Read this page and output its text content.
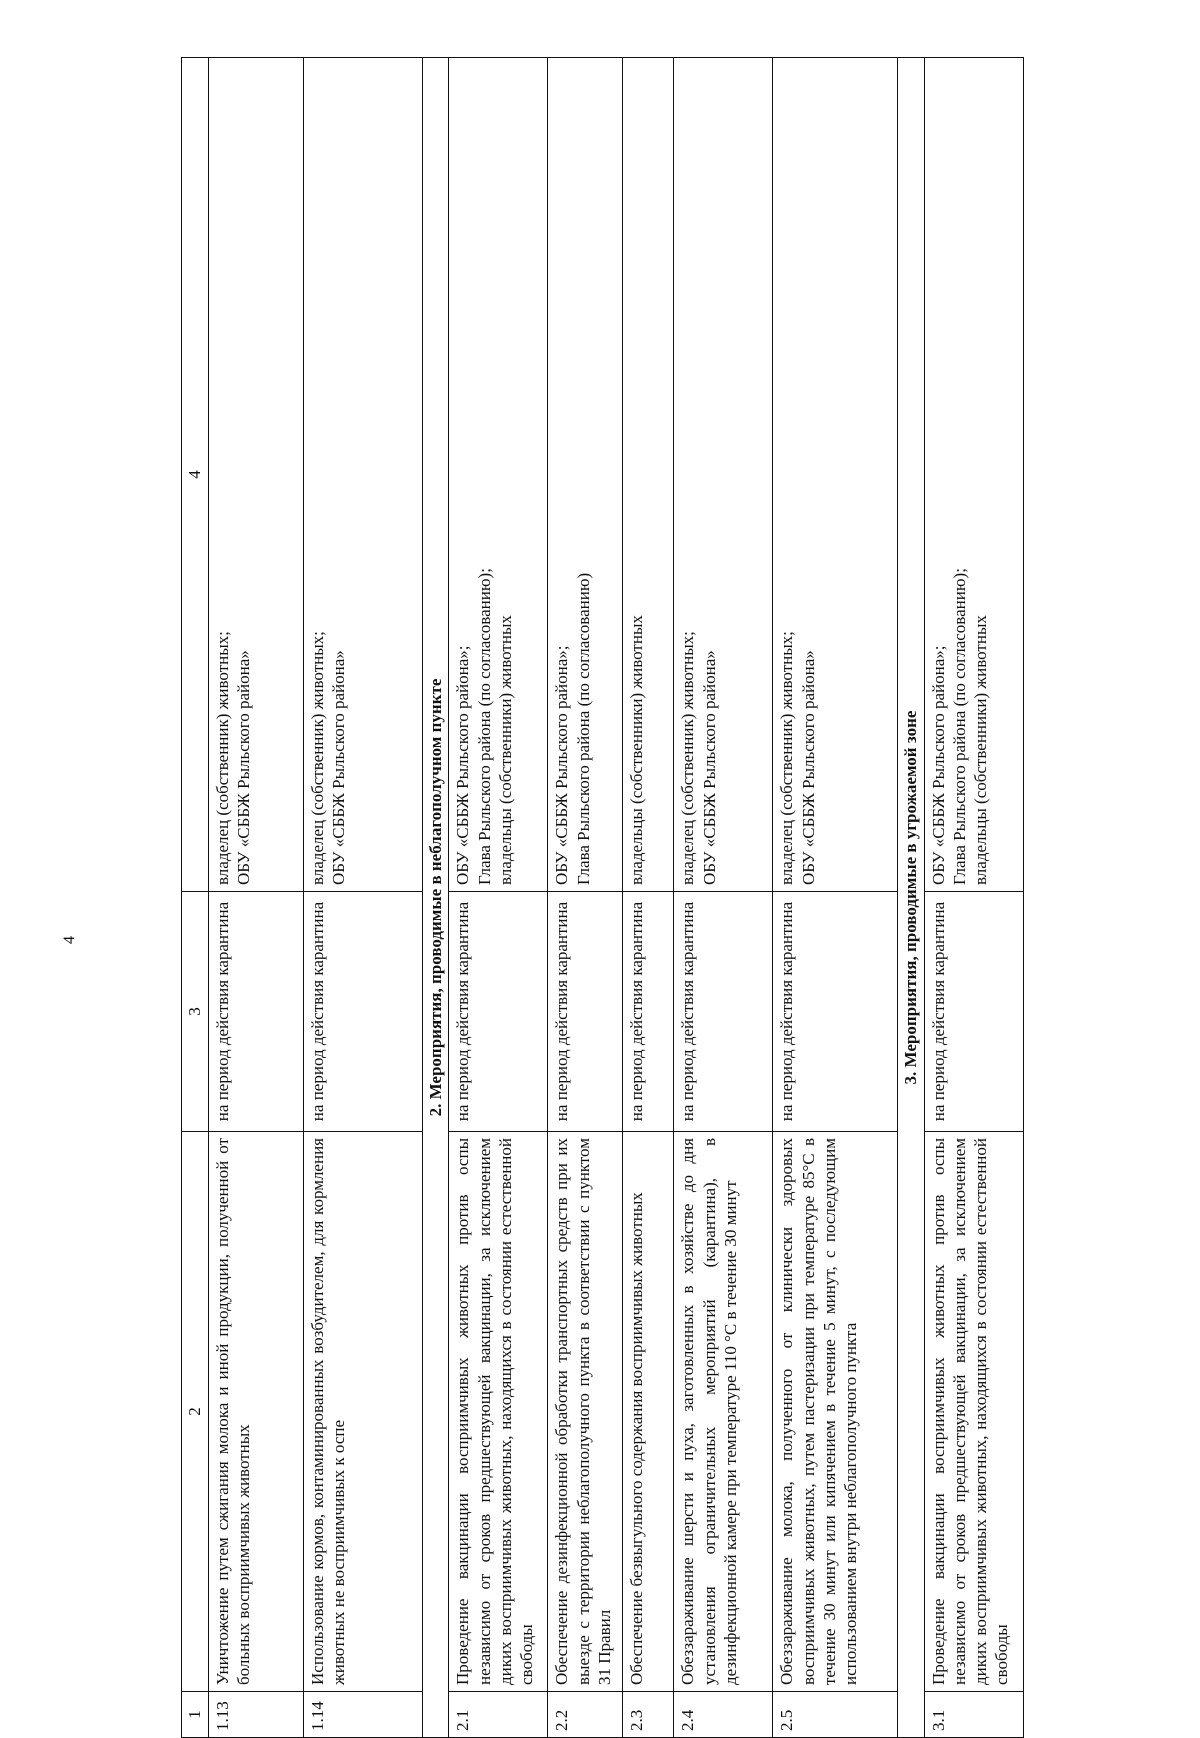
4
1	2	3	4
1.13	Уничтожение путем сжигания молока и иной продукции, полученной от больных восприимчивых животных	на период действия карантина	владелец (собственник) животных;
ОБУ «СББЖ Рыльского района»
1.14	Использование кормов, контаминированных возбудителем, для кормления животных не восприимчивых к оспе	на период действия карантина	владелец (собственник) животных;
ОБУ «СББЖ Рыльского района»
2. Мероприятия, проводимые в неблагополучном пункте			
2.1	Проведение вакцинации восприимчивых животных против оспы независимо от сроков предшествующей вакцинации, за исключением диких восприимчивых животных, находящихся в состоянии естественной свободы	на период действия карантина	ОБУ «СББЖ Рыльского района»;
Глава Рыльского района (по согласованию);
владельцы (собственники) животных
2.2	Обеспечение дезинфекционной обработки транспортных средств при их выезде с территории неблагополучного пункта в соответствии с пунктом 31 Правил	на период действия карантина	ОБУ «СББЖ Рыльского района»;
Глава Рыльского района (по согласованию)
2.3	Обеспечение безвыгульного содержания восприимчивых животных	на период действия карантина	владельцы (собственники) животных
2.4	Обеззараживание шерсти и пуха, заготовленных в хозяйстве до дня установления ограничительных мероприятий (карантина), в дезинфекционной камере при температуре 110 °С в течение 30 минут	на период действия карантина	владелец (собственник) животных;
ОБУ «СББЖ Рыльского района»
2.5	Обеззараживание молока, полученного от клинически здоровых восприимчивых животных, путем пастеризации при температуре 85°С в течение 30 минут или кипячением в течение 5 минут, с последующим использованием внутри неблагополучного пункта	на период действия карантина	владелец (собственник) животных;
ОБУ «СББЖ Рыльского района»
3. Мероприятия, проводимые в угрожаемой зоне			
3.1	Проведение вакцинации восприимчивых животных против оспы независимо от сроков предшествующей вакцинации, за исключением диких восприимчивых животных, находящихся в состоянии естественной свободы	на период действия карантина	ОБУ «СББЖ Рыльского района»;
Глава Рыльского района (по согласованию);
владельцы (собственники) животных
